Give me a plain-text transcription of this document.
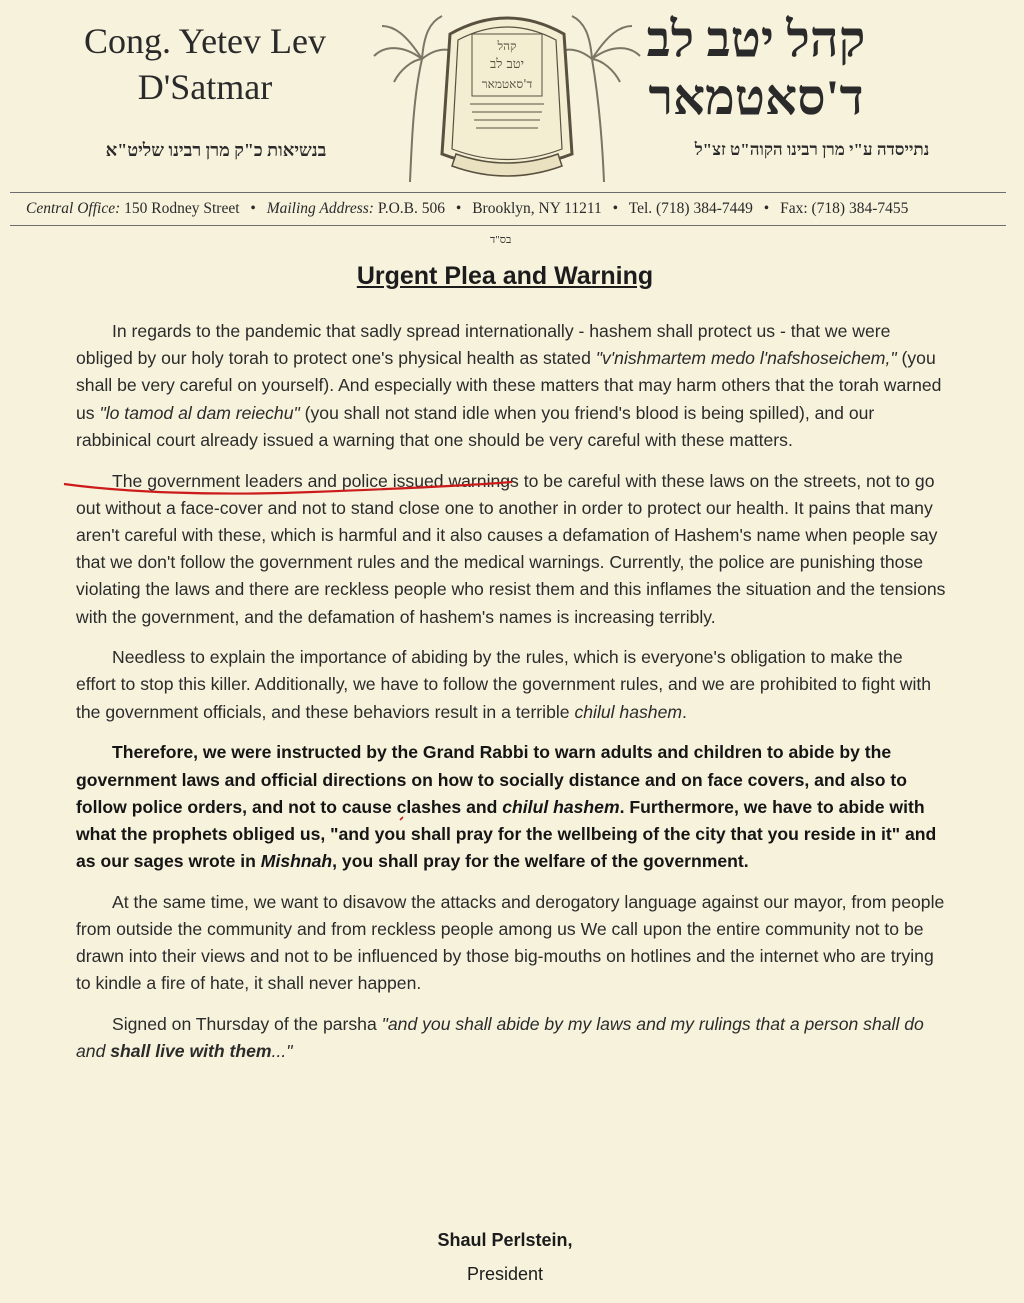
Cong. Yetev Lev
D'Satmar
קהל
יטב לב
ד'סאטמאר
קהל יטב לב
ד'סאטמאר
בנשיאות כ"ק מרן רבינו שליט"א	נתייסדה ע"י מרן רבינו הקוה"ט זצ"ל
Central Office: 150 Rodney Street • Mailing Address: P.O.B. 506 • Brooklyn, NY 11211 • Tel. (718) 384-7449 • Fax: (718) 384-7455
בס"ד
Urgent Plea and Warning

In regards to the pandemic that sadly spread internationally - hashem shall protect us - that we were obliged by our holy torah to protect one's physical health as stated "v'nishmartem medo l'nafshoseichem," (you shall be very careful on yourself). And especially with these matters that may harm others that the torah warned us "lo tamod al dam reiechu" (you shall not stand idle when you friend's blood is being spilled), and our rabbinical court already issued a warning that one should be very careful with these matters.

The government leaders and police issued warnings to be careful with these laws on the streets, not to go out without a face-cover and not to stand close one to another in order to protect our health. It pains that many aren't careful with these, which is harmful and it also causes a defamation of Hashem's name when people say that we don't follow the government rules and the medical warnings. Currently, the police are punishing those violating the laws and there are reckless people who resist them and this inflames the situation and the tensions with the government, and the defamation of hashem's names is increasing terribly.

Needless to explain the importance of abiding by the rules, which is everyone's obligation to make the effort to stop this killer. Additionally, we have to follow the government rules, and we are prohibited to fight with the government officials, and these behaviors result in a terrible chilul hashem.

Therefore, we were instructed by the Grand Rabbi to warn adults and children to abide by the government laws and official directions on how to socially distance and on face covers, and also to follow police orders, and not to cause clashes and chilul hashem. Furthermore, we have to abide with what the prophets obliged us, "and you shall pray for the wellbeing of the city that you reside in it" and as our sages wrote in Mishnah, you shall pray for the welfare of the government.

At the same time, we want to disavow the attacks and derogatory language against our mayor, from people from outside the community and from reckless people among us We call upon the entire community not to be drawn into their views and not to be influenced by those big-mouths on hotlines and the internet who are trying to kindle a fire of hate, it shall never happen.

Signed on Thursday of the parsha "and you shall abide by my laws and my rulings that a person shall do and shall live with them..."

Shaul Perlstein,
President
